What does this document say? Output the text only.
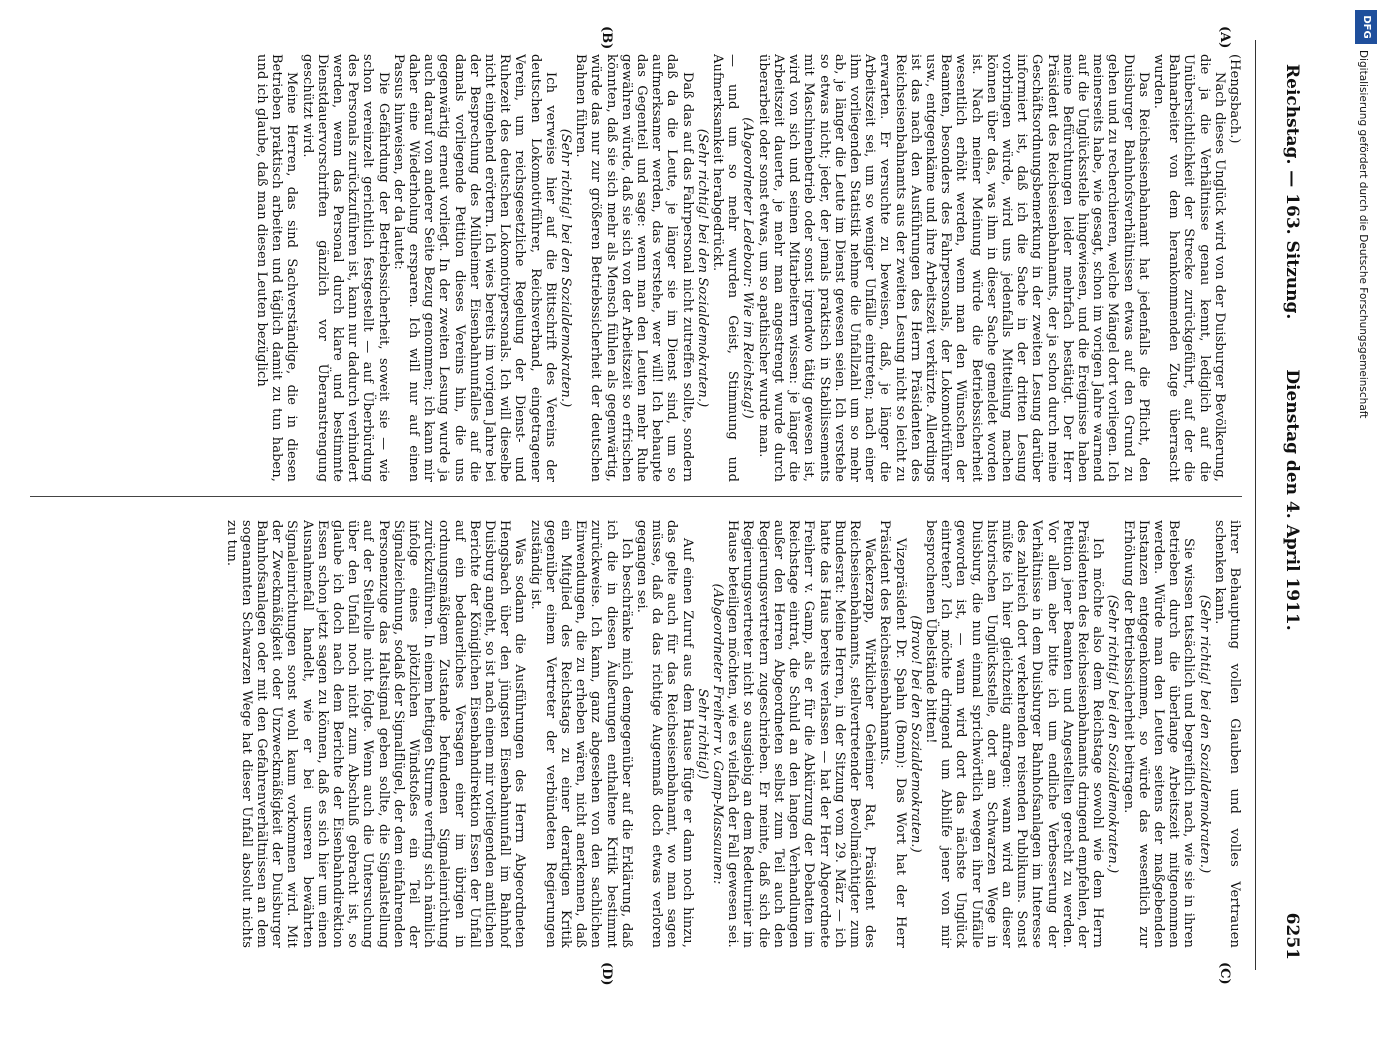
Reichstag. — 163. Sitzung.
Dienstag den 4. April 1911.
6251
(A)
(B)
(C)
(D)

(Hengsbach.)

Nach dieses Unglück wird von der Duisburger Bevölkerung, die ja die Verhältnisse genau kennt, lediglich auf die Unübersichtlichkeit der Strecke zurückgeführt, auf der die Bahnarbeiter von dem herankommenden Zuge überrascht wurden.

Das Reichseisenbahnamt hat jedenfalls die Pflicht, den Duisburger Bahnhofsverhältnissen etwas auf den Grund zu gehen und zu recherchieren, welche Mängel dort vorliegen. Ich meinerseits habe, wie gesagt, schon im vorigen Jahre warnend auf die Unglücksstelle hingewiesen, und die Ereignisse haben meine Befürchtungen leider mehrfach bestätigt. Der Herr Präsident des Reichseisenbahnamts, der ja schon durch meine Geschäftsordnungsbemerkung in der zweiten Lesung darüber informiert ist, daß ich die Sache in der dritten Lesung vorbringen würde, wird uns jedenfalls Mitteilung machen können über das, was ihm in dieser Sache gemeldet worden ist. Nach meiner Meinung würde die Betriebssicherheit wesentlich erhöht werden, wenn man den Wünschen der Beamten, besonders des Fahrpersonals, der Lokomotivführer usw., entgegenkäme und ihre Arbeitszeit verkürzte. Allerdings ist das nach den Ausführungen des Herrn Präsidenten des Reichseisenbahnamts aus der zweiten Lesung nicht so leicht zu erwarten. Er versuchte zu beweisen, daß, je länger die Arbeitszeit sei, um so weniger Unfälle eintreten; nach einer ihm vorliegenden Statistik nehme die Unfallzahl um so mehr ab, je länger die Leute im Dienst gewesen seien. Ich verstehe so etwas nicht; jeder, der jemals praktisch in Stabilissements mit Maschinenbetrieb oder sonst irgendwo tätig gewesen ist, wird von sich und seinen Mitarbeitern wissen: je länger die Arbeitszeit dauerte, je mehr man angestrengt wurde durch überarbeit oder sonst etwas, um so apathischer wurde man.

(Abgeordneter Ledebour: Wie im Reichstag!)

— und um so mehr wurden Geist, Stimmung und Aufmerksamkeit herabgedrückt.

(Sehr richtig! bei den Sozialdemokraten.)

Daß das auf das Fahrpersonal nicht zutreffen sollte, sondern daß da die Leute, je länger sie im Dienst sind, um so aufmerksamer werden, das verstehe, wer will! Ich behaupte das Gegenteil und sage: wenn man den Leuten mehr Ruhe gewähren würde, daß sie sich von der Arbeitszeit so erfrischen könnten, daß sie sich mehr als Mensch fühlen als gegenwärtig, würde das nur zur größeren Betriebssicherheit der deutschen Bahnen führen.

(Sehr richtig! bei den Sozialdemokraten.)

Ich verweise hier auf die Bittschrift des Vereins der deutschen Lokomotivführer, Reichsverband, eingetragener Verein, um reichsgesetzliche Regelung der Dienst- und Ruhezeit des deutschen Lokomotivpersonals. Ich will dieselbe nicht eingehend erörtern. Ich wies bereits im vorigen Jahre bei der Besprechung des Mülheimer Eisenbahnunfalles auf die damals vorliegende Petition dieses Vereins hin, die uns gegenwärtig erneut vorliegt. In der zweiten Lesung wurde ja auch darauf von anderer Seite Bezug genommen; ich kann mir daher eine Wiederholung ersparen. Ich will nur auf einen Passus hinweisen, der da lautet:

Die Gefährdung der Betriebssicherheit, soweit sie — wie schon vereinzelt gerichtlich festgestellt — auf Überbürdung des Personals zurückzuführen ist, kann nur dadurch verhindert werden, wenn das Personal durch klare und bestimmte Dienstdauervorschriften gänzlich vor Überanstrengung geschützt wird.

Meine Herren, das sind Sachverständige, die in diesen Betrieben praktisch arbeiten und täglich damit zu tun haben, und ich glaube, daß man diesen Leuten bezüglich

ihrer Behauptung vollen Glauben und volles Vertrauen schenken kann.

(Sehr richtig! bei den Sozialdemokraten.)

Sie wissen tatsächlich und begreiflich nach, wie sie in ihren Betrieben durch die überlange Arbeitszeit mitgenommen werden. Würde man den Leuten seitens der maßgebenden Instanzen entgegenkommen, so würde das wesentlich zur Erhöhung der Betriebssicherheit beitragen.

(Sehr richtig! bei den Sozialdemokraten.)

Ich möchte also dem Reichstage sowohl wie dem Herrn Präsidenten des Reichseisenbahnamts dringend empfehlen, der Petition jener Beamten und Angestellten gerecht zu werden. Vor allem aber bitte ich um endliche Verbesserung der Verhältnisse in dem Duisburger Bahnhofsanlagen im Interesse des zahlreich dort verkehrenden reisenden Publikums. Sonst müßte ich hier gleichzeitig anfragen: wann wird an dieser historischen Unglücksstelle, dort am Schwarzen Wege in Duisburg, die nun einmal sprichwörtlich wegen ihrer Unfälle geworden ist, — wann wird dort das nächste Unglück eintreten? Ich möchte dringend um Abhilfe jener von mir besprochenen Übelstände bitten!

(Bravo! bei den Sozialdemokraten.)

Vizepräsident Dr. Spahn (Bonn): Das Wort hat der Herr Präsident des Reichseisenbahnamts.

Wackerzapp, Wirklicher Geheimer Rat, Präsident des Reichseisenbahnamts, stellvertretender Bevollmächtigter zum Bundesrat: Meine Herren, in der Sitzung vom 29. März — ich hatte das Haus bereits verlassen — hat der Herr Abgeordnete Freiherr v. Gamp, als er für die Abkürzung der Debatten im Reichstage eintrat, die Schuld an den langen Verhandlungen außer den Herren Abgeordneten selbst zum Teil auch den Regierungsvertretern zugeschrieben. Er meinte, daß sich die Regierungsvertreter nicht so ausgiebig an dem Redeturnier im Hause beteiligen möchten, wie es vielfach der Fall gewesen sei.

(Abgeordneter Freiherr v. Gamp-Massaunen:

Sehr richtig!)

Auf einen Zuruf aus dem Hause fügte er dann noch hinzu, das gelte auch für das Reichseisenbahnamt, wo man sagen müsse, daß da das richtige Augenmaß doch etwas verloren gegangen sei.

Ich beschränke mich demgegenüber auf die Erklärung, daß ich die in diesen Äußerungen enthaltene Kritik bestimmt zurückweise. Ich kann, ganz abgesehen von den sachlichen Einwendungen, die zu erheben wären, nicht anerkennen, daß ein Mitglied des Reichstags zu einer derartigen Kritik gegenüber einem Vertreter der verbündeten Regierungen zuständig ist.

Was sodann die Ausführungen des Herrn Abgeordneten Hengsbach über den jüngsten Eisenbahnunfall im Bahnhof Duisburg angeht, so ist nach einem mir vorliegenden amtlichen Berichte der Königlichen Eisenbahndirektion Essen der Unfall auf ein bedauerliches Versagen einer im übrigen in ordnungsmäßigem Zustande befundenen Signaleinrichtung zurückzuführen. In einem heftigen Sturme verfing sich nämlich infolge eines plötzlichen Windstoßes ein Teil der Signalzeichnung, sodaß der Signalflügel, der dem einfahrenden Personenzuge das Haltsignal geben sollte, die Signalstellung auf der Stellrolle nicht folgte. Wenn auch die Untersuchung über den Unfall noch nicht zum Abschluß gebracht ist, so glaube ich doch nach dem Berichte der Eisenbahndirektion Essen schon jetzt sagen zu können, daß es sich hier um einen Ausnahmefall handelt, wie er bei unseren bewährten Signaleinrichtungen sonst wohl kaum vorkommen wird. Mit der Zweckmäßigkeit oder Unzweckmäßigkeit der Duisburger Bahnhofsanlagen oder mit den Gefahrenverhältnissen an dem sogenannten Schwarzen Wege hat dieser Unfall absolut nichts zu tun.

DFG
Digitalisierung gefördert durch die Deutsche Forschungsgemeinschaft
